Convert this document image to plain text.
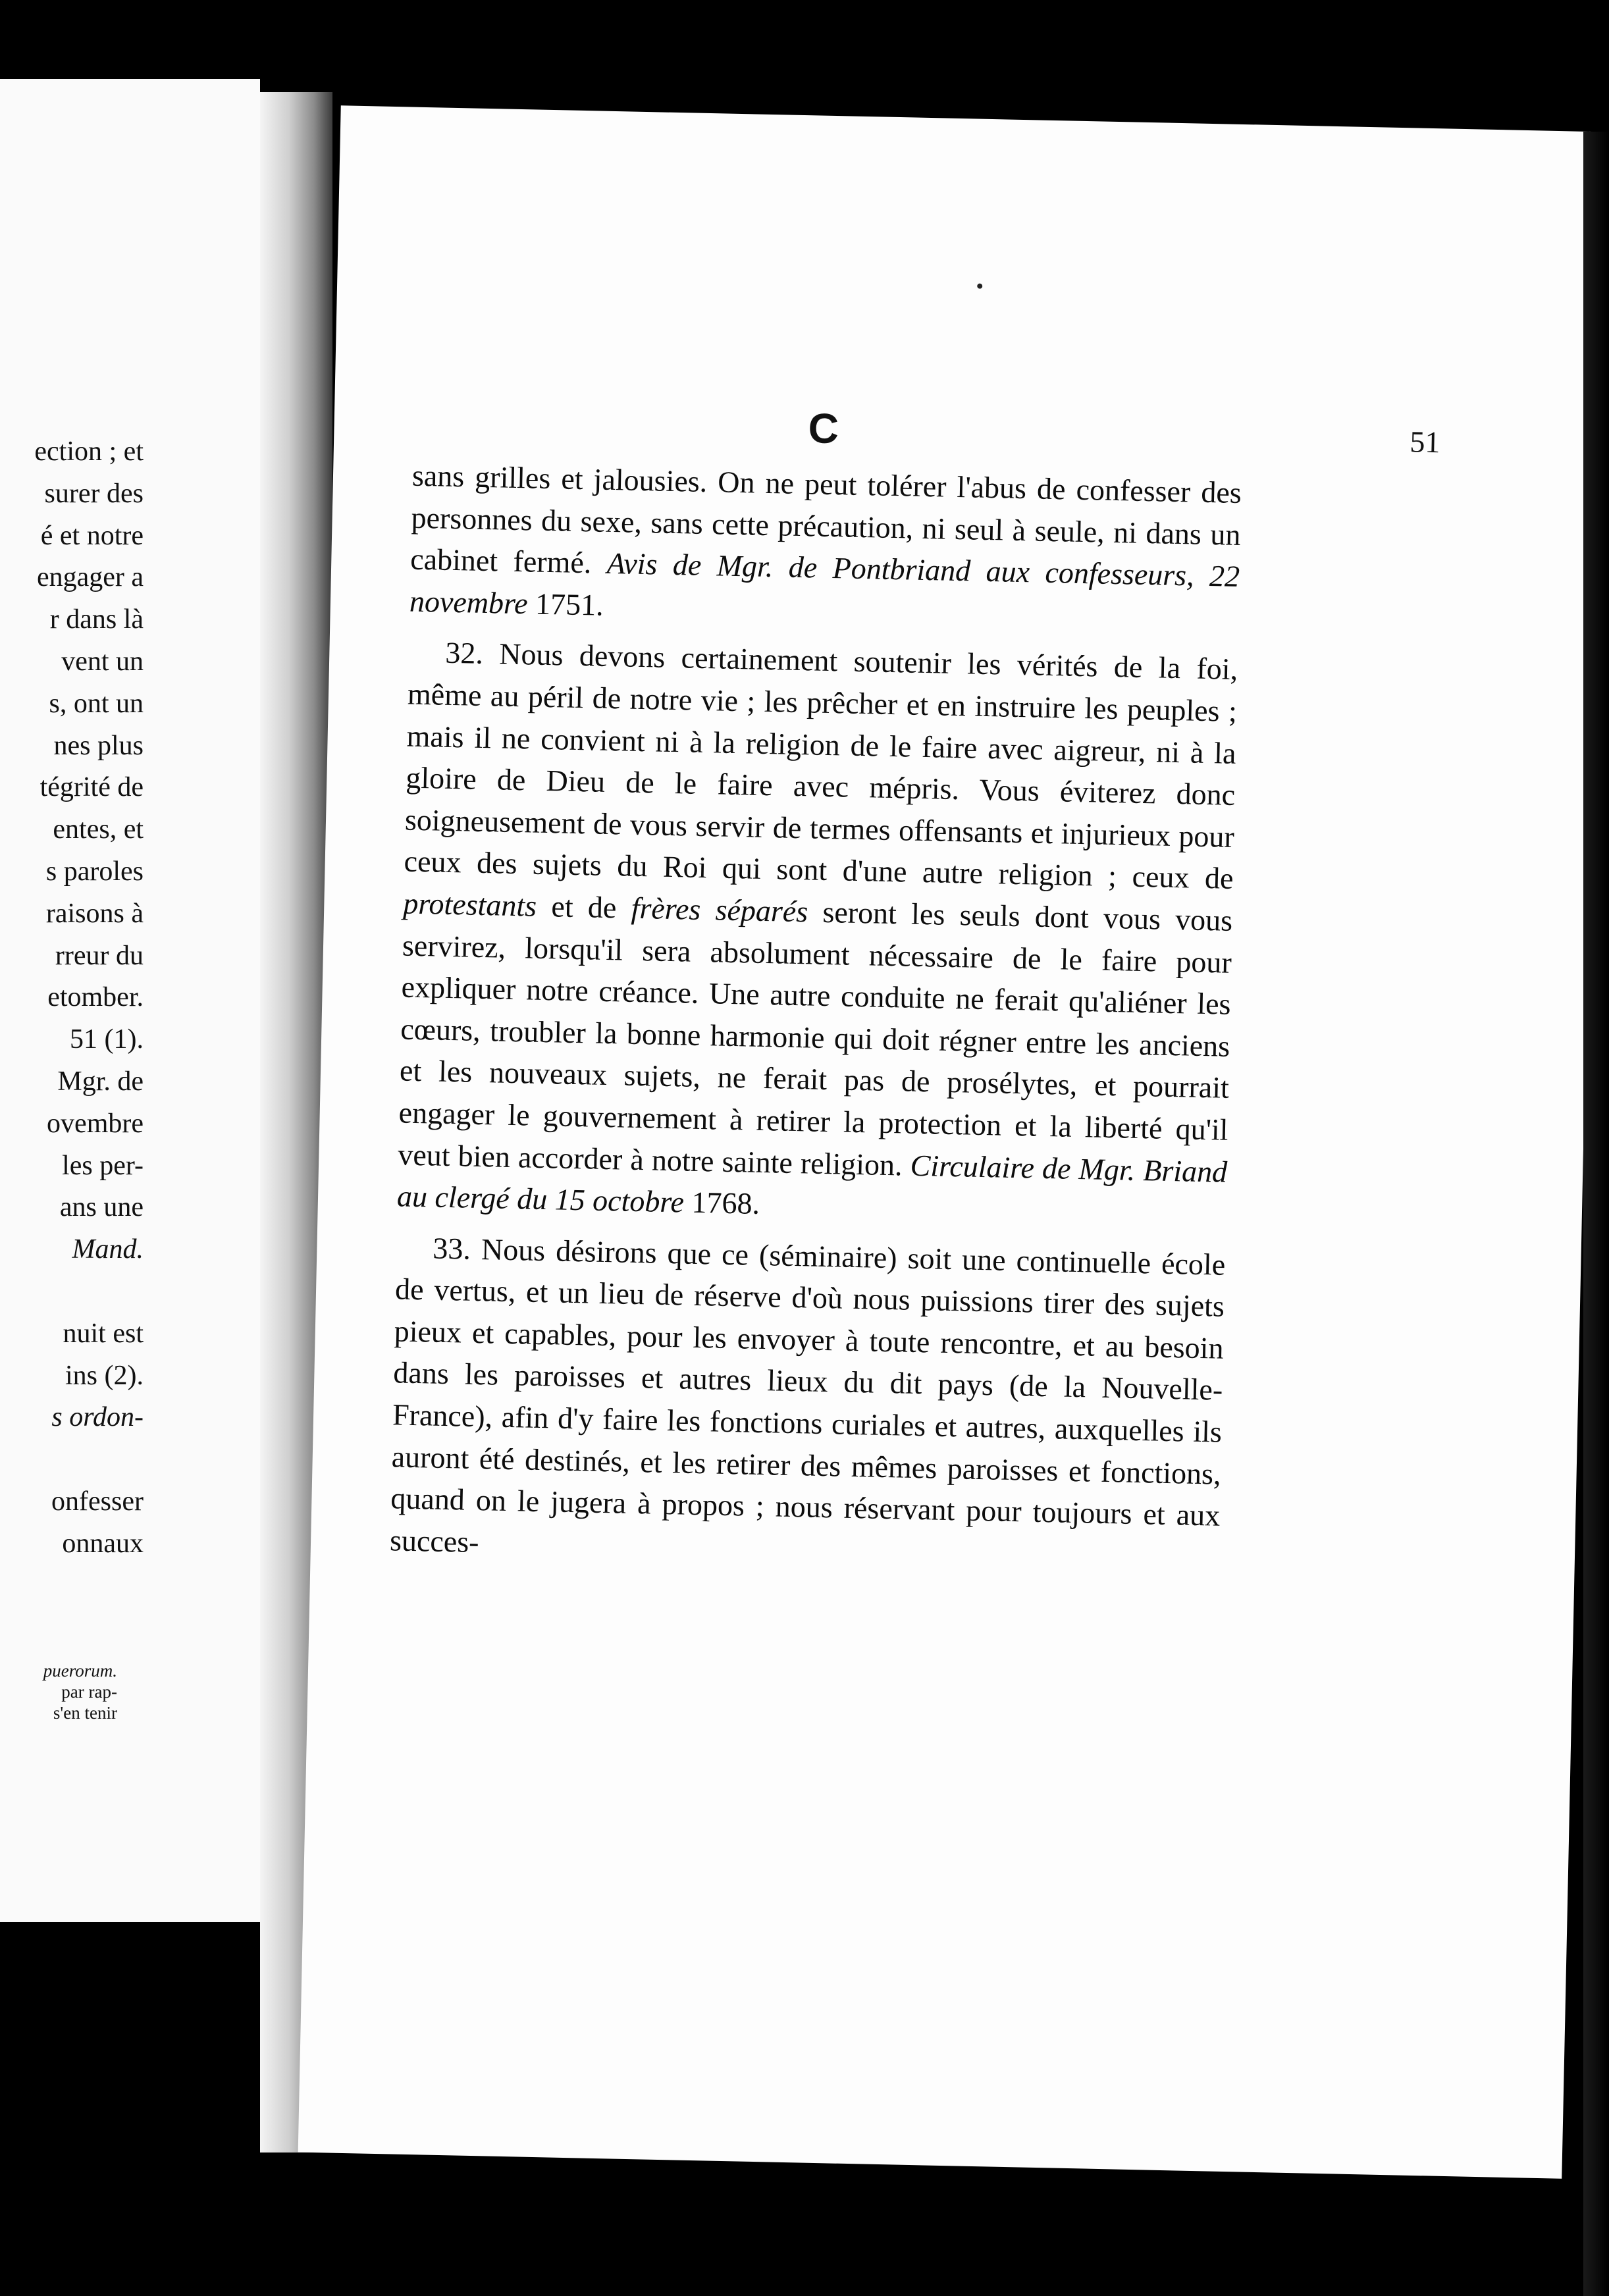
ection ; et
surer des
é et notre
engager a
r dans là
vent un
s, ont un
nes plus
tégrité de
entes, et
s paroles
raisons à
rreur du
etomber.
51 (1).
Mgr. de
ovembre
les per-
ans une
Mand.

nuit est
ins (2).
s ordon-

onfesser
onnaux
puerorum.
par rap-
s'en tenir
C	51

sans grilles et jalousies. On ne peut tolérer l'abus de confesser des personnes du sexe, sans cette précaution, ni seul à seule, ni dans un cabinet fermé. Avis de Mgr. de Pontbriand aux confesseurs, 22 novembre 1751.

32. Nous devons certainement soutenir les vérités de la foi, même au péril de notre vie ; les prêcher et en instruire les peuples ; mais il ne convient ni à la religion de le faire avec aigreur, ni à la gloire de Dieu de le faire avec mépris. Vous éviterez donc soigneusement de vous servir de termes offensants et injurieux pour ceux des sujets du Roi qui sont d'une autre religion ; ceux de protestants et de frères séparés seront les seuls dont vous vous servirez, lorsqu'il sera absolument nécessaire de le faire pour expliquer notre créance. Une autre conduite ne ferait qu'aliéner les cœurs, troubler la bonne harmonie qui doit régner entre les anciens et les nouveaux sujets, ne ferait pas de prosélytes, et pourrait engager le gouvernement à retirer la protection et la liberté qu'il veut bien accorder à notre sainte religion. Circulaire de Mgr. Briand au clergé du 15 octobre 1768.

33. Nous désirons que ce (séminaire) soit une continuelle école de vertus, et un lieu de réserve d'où nous puissions tirer des sujets pieux et capables, pour les envoyer à toute rencontre, et au besoin dans les paroisses et autres lieux du dit pays (de la Nouvelle-France), afin d'y faire les fonctions curiales et autres, auxquelles ils auront été destinés, et les retirer des mêmes paroisses et fonctions, quand on le jugera à propos ; nous réservant pour toujours et aux succes-
